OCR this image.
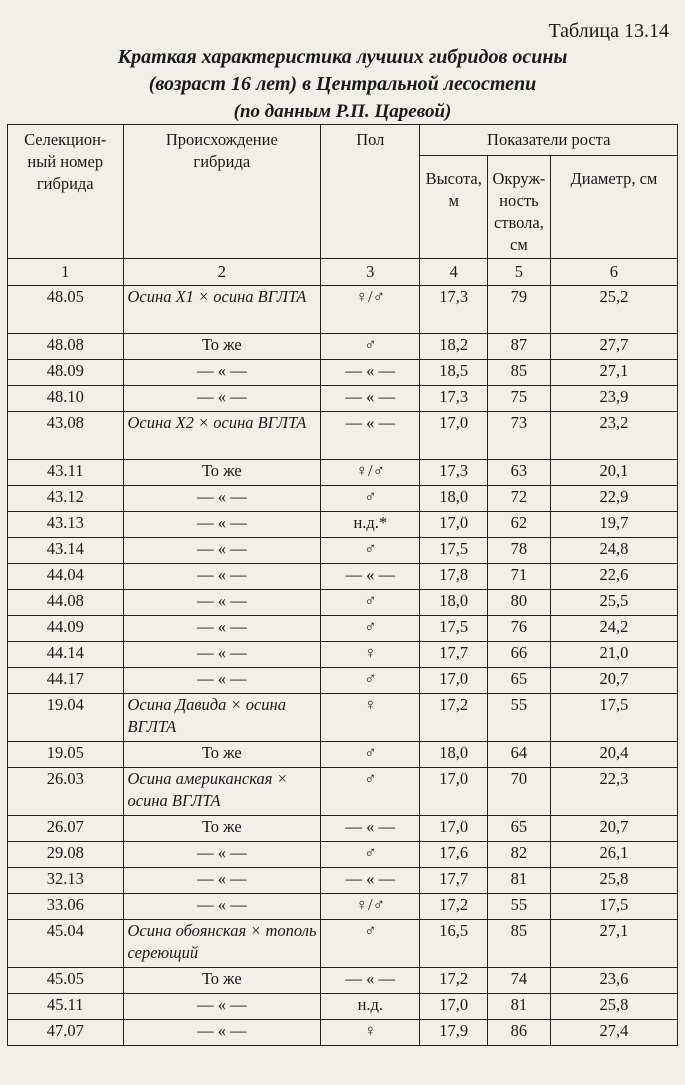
Таблица 13.14
Краткая характеристика лучших гибридов осины
(возраст 16 лет) в Центральной лесостепи
(по данным Р.П. Царевой)
Селекцион-ный номер гибрида	Происхождение гибрида	Пол	Показатели роста		

			Высота, м	Окруж-ность ствола, см	Диаметр, см

1	2	3	4	5	6
48.05	Осина X1 × осина ВГЛТА	♀/♂	17,3	79	25,2
48.08	То же	♂	18,2	87	27,7
48.09	— « —	— « —	18,5	85	27,1
48.10	— « —	— « —	17,3	75	23,9
43.08	Осина X2 × осина ВГЛТА	— « —	17,0	73	23,2
43.11	То же	♀/♂	17,3	63	20,1
43.12	— « —	♂	18,0	72	22,9
43.13	— « —	н.д.*	17,0	62	19,7
43.14	— « —	♂	17,5	78	24,8
44.04	— « —	— « —	17,8	71	22,6
44.08	— « —	♂	18,0	80	25,5
44.09	— « —	♂	17,5	76	24,2
44.14	— « —	♀	17,7	66	21,0
44.17	— « —	♂	17,0	65	20,7
19.04	Осина Давида × осина ВГЛТА	♀	17,2	55	17,5
19.05	То же	♂	18,0	64	20,4
26.03	Осина американская × осина ВГЛТА	♂	17,0	70	22,3
26.07	То же	— « —	17,0	65	20,7
29.08	— « —	♂	17,6	82	26,1
32.13	— « —	— « —	17,7	81	25,8
33.06	— « —	♀/♂	17,2	55	17,5
45.04	Осина обоянская × тополь сереющий	♂	16,5	85	27,1
45.05	То же	— « —	17,2	74	23,6
45.11	— « —	н.д.	17,0	81	25,8
47.07	— « —	♀	17,9	86	27,4
